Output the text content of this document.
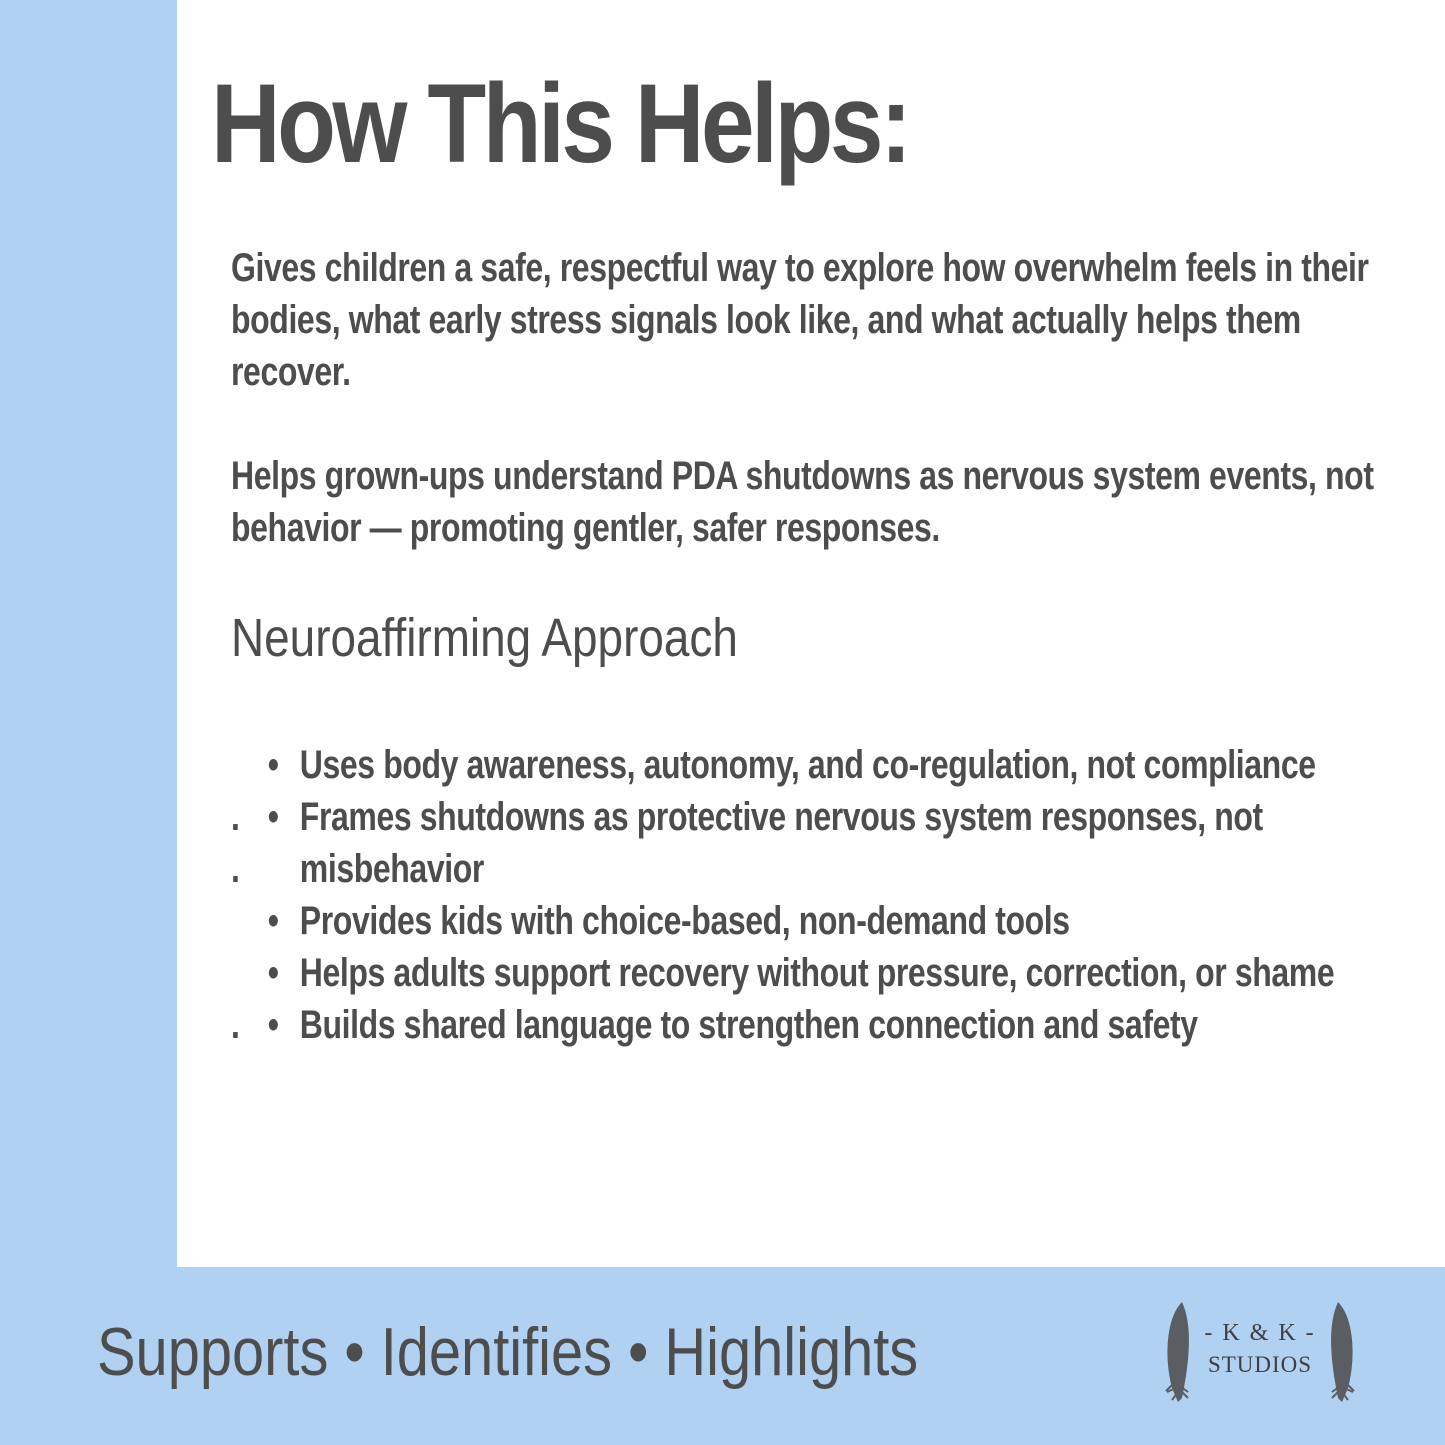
How This Helps:
Gives children a safe, respectful way to explore how overwhelm feels in their bodies, what early stress signals look like, and what actually helps them recover.
Helps grown-ups understand PDA shutdowns as nervous system events, not behavior — promoting gentler, safer responses.
Neuroaffirming Approach
•
.
Uses body awareness, autonomy, and co-regulation, not compliance
•
.
Frames shutdowns as protective nervous system responses, not misbehavior
• Provides kids with choice-based, non-demand tools
•
.
Helps adults support recovery without pressure, correction, or shame
• Builds shared language to strengthen connection and safety
Supports • Identifies • Highlights	- K & K -
STUDIOS
